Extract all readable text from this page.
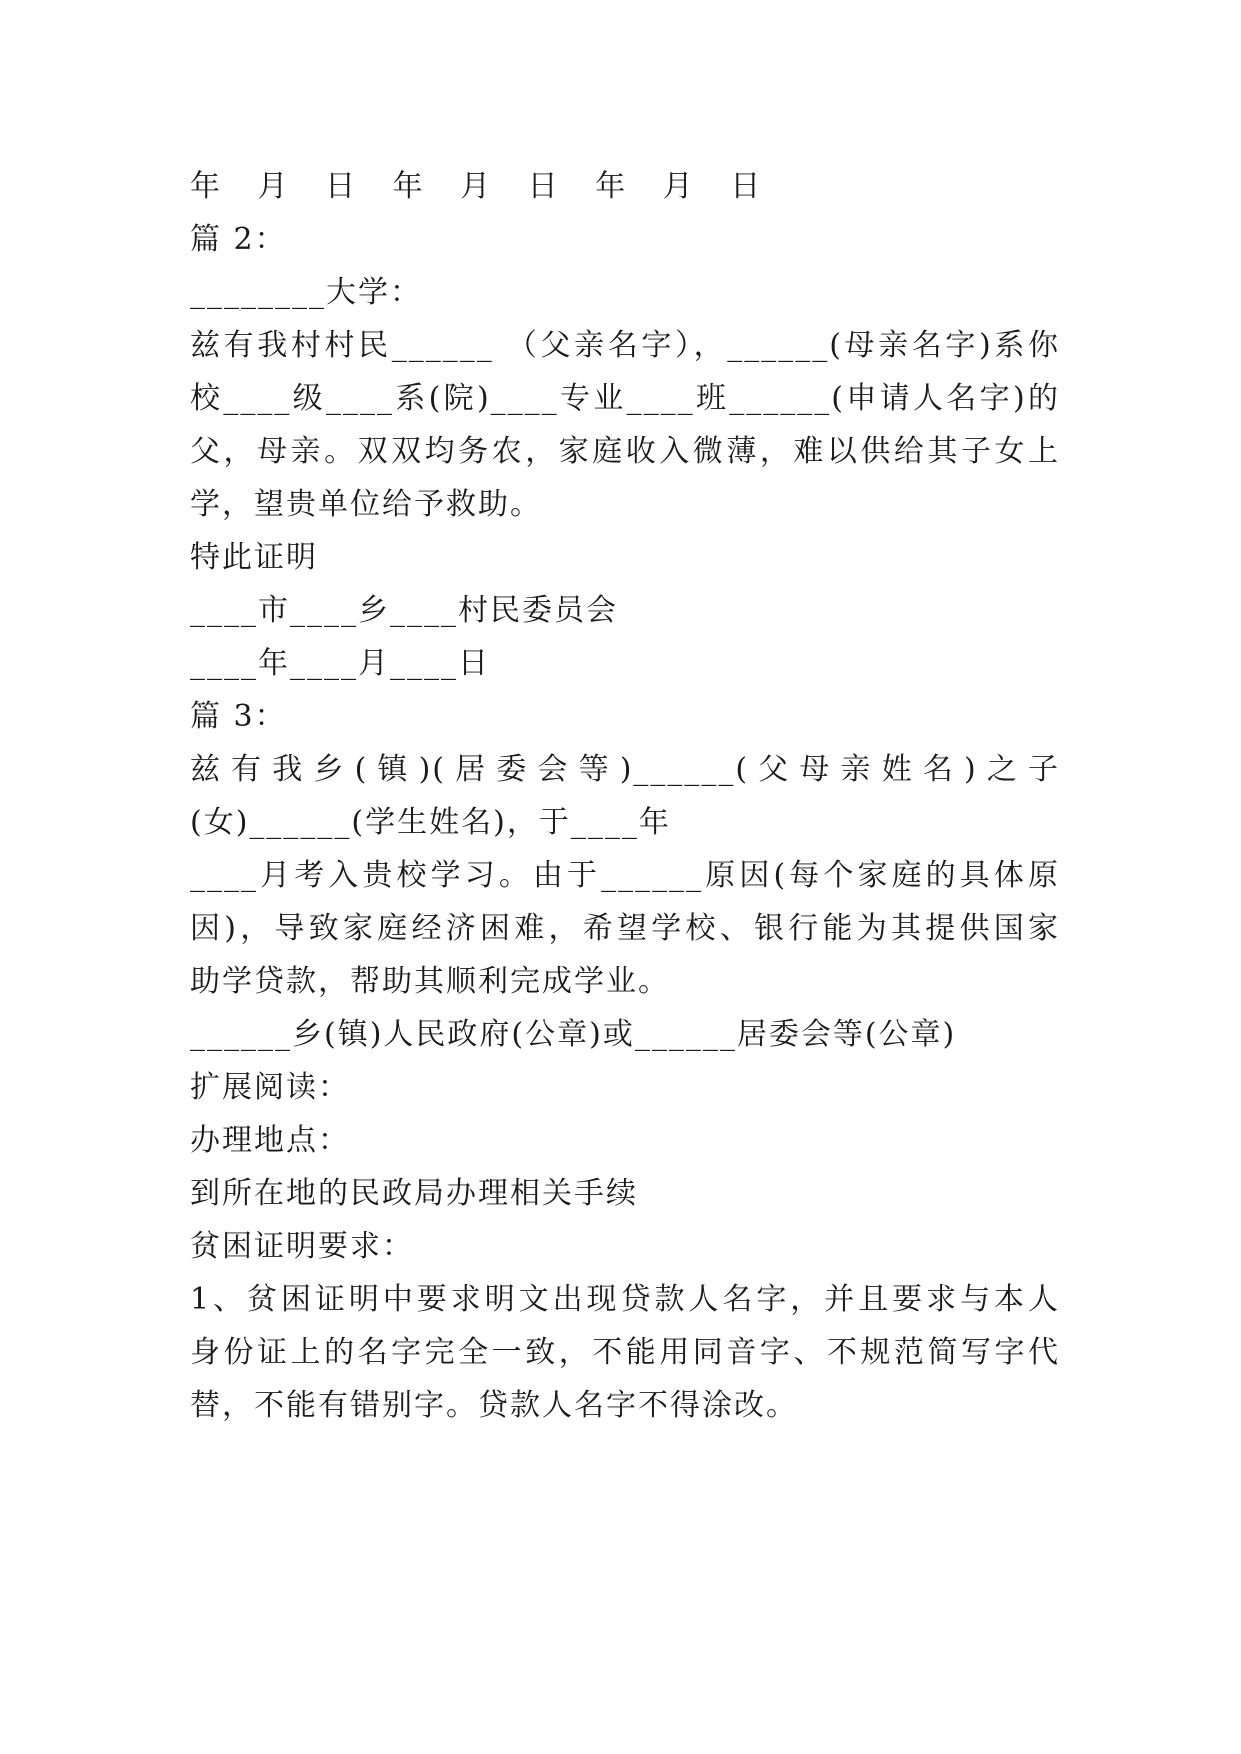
年 月 日 年 月 日 年 月 日
篇 2：
________大学：
兹有我村村民______ （父亲名字），______(母亲名字)系你
校____级____系(院)____专业____班______(申请人名字)的
父，母亲。双双均务农，家庭收入微薄，难以供给其子女上
学，望贵单位给予救助。
特此证明
____市____乡____村民委员会
____年____月____日
篇 3：
兹有我乡(镇)(居委会等)______(父母亲姓名)之子
(女)______(学生姓名)，于____年
____月考入贵校学习。由于______原因(每个家庭的具体原
因)，导致家庭经济困难，希望学校、银行能为其提供国家
助学贷款，帮助其顺利完成学业。
______乡(镇)人民政府(公章)或______居委会等(公章)
扩展阅读：
办理地点：
到所在地的民政局办理相关手续
贫困证明要求：
1、贫困证明中要求明文出现贷款人名字，并且要求与本人
身份证上的名字完全一致，不能用同音字、不规范简写字代
替，不能有错别字。贷款人名字不得涂改。
